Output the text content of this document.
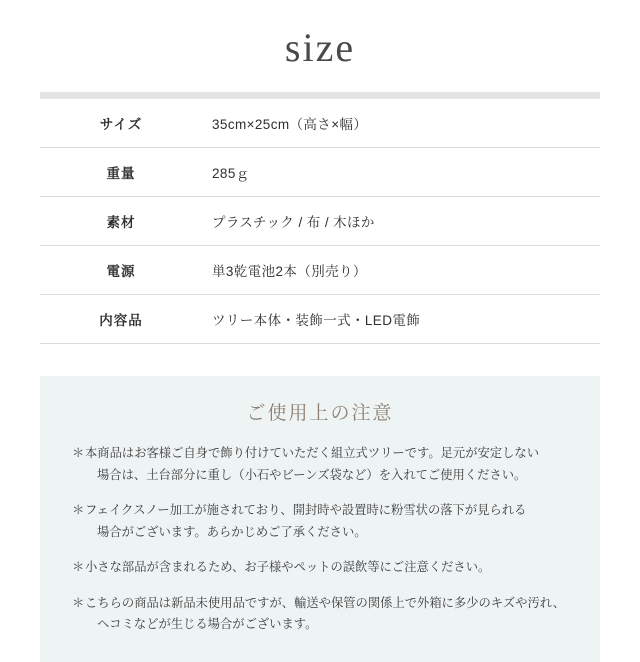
size
サイズ	35cm×25cm（高さ×幅）
重量	285ｇ
素材	プラスチック / 布 / 木ほか
電源	単3乾電池2本（別売り）
内容品	ツリー本体・装飾一式・LED電飾
ご使用上の注意
＊ 本商品はお客様ご自身で飾り付けていただく組立式ツリーです。足元が安定しない
場合は、土台部分に重し（小石やビーンズ袋など）を入れてご使用ください。
＊ フェイクスノー加工が施されており、開封時や設置時に粉雪状の落下が見られる
場合がございます。あらかじめご了承ください。
＊ 小さな部品が含まれるため、お子様やペットの誤飲等にご注意ください。
＊ こちらの商品は新品未使用品ですが、輸送や保管の関係上で外箱に多少のキズや汚れ、
ヘコミなどが生じる場合がございます。
